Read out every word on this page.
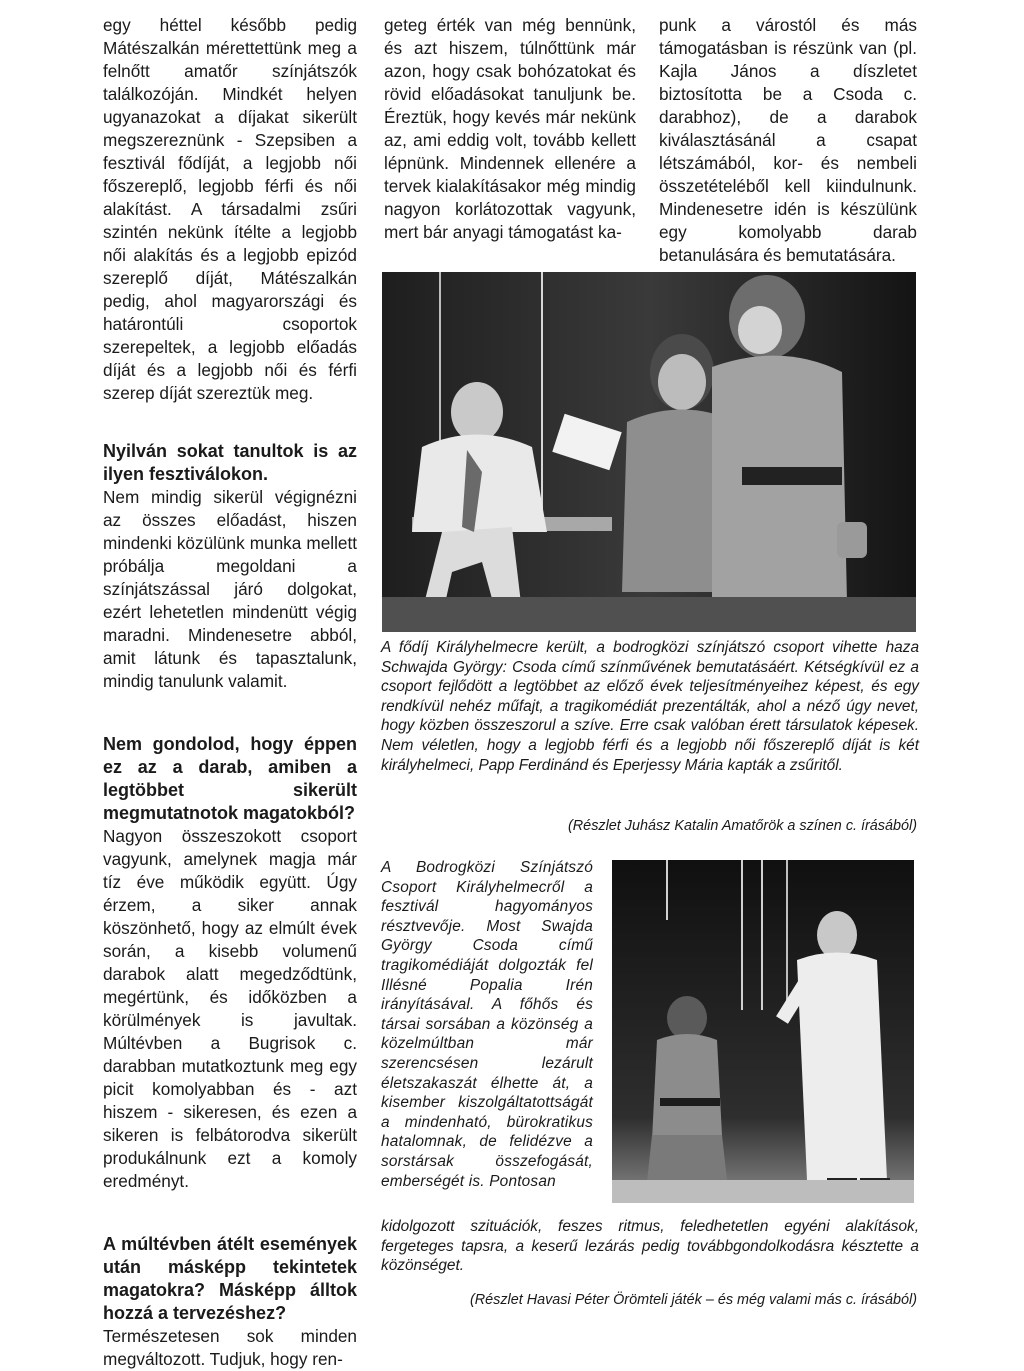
egy héttel később pedig Mátészalkán mérettettünk meg a felnőtt amatőr színjátszók találkozóján. Mindkét helyen ugyanazokat a díjakat sikerült megszereznünk - Szepsiben a fesztivál fődíját, a legjobb női főszereplő, legjobb férfi és női alakítást. A társadalmi zsűri szintén nekünk ítélte a legjobb női alakítás és a legjobb epizód szereplő díját, Mátészalkán pedig, ahol magyarországi és határontúli csoportok szerepeltek, a legjobb előadás díját és a legjobb női és férfi szerep díját szereztük meg.

Nyilván sokat tanultok is az ilyen fesztiválokon.

Nem mindig sikerül végignézni az összes előadást, hiszen mindenki közülünk munka mellett próbálja megoldani a színjátszással járó dolgokat, ezért lehetetlen mindenütt végig maradni. Mindenesetre abból, amit látunk és tapasztalunk, mindig tanulunk valamit.

Nem gondolod, hogy éppen ez az a darab, amiben a legtöbbet sikerült megmutatnotok magatokból?

Nagyon összeszokott csoport vagyunk, amelynek magja már tíz éve működik együtt. Úgy érzem, a siker annak köszönhető, hogy az elmúlt évek során, a kisebb volumenű darabok alatt megedződtünk, megértünk, és időközben a körülmények is javultak. Múltévben a Bugrisok c. darabban mutatkoztunk meg egy picit komolyabban és - azt hiszem - sikeresen, és ezen a sikeren is felbátorodva sikerült produkálnunk ezt a komoly eredményt.

A múltévben átélt események után másképp tekintetek magatokra? Másképp álltok hozzá a tervezéshez?

Természetesen sok minden megváltozott. Tudjuk, hogy ren-

geteg érték van még bennünk, és azt hiszem, túlnőttünk már azon, hogy csak bohózatokat és rövid előadásokat tanuljunk be. Éreztük, hogy kevés már nekünk az, ami eddig volt, tovább kellett lépnünk. Mindennek ellenére a tervek kialakításakor még mindig nagyon korlátozottak vagyunk, mert bár anyagi támogatást ka-

punk a várostól és más támogatásban is részünk van (pl. Kajla János a díszletet biztosította be a Csoda c. darabhoz), de a darabok kiválasztásánál a csapat létszámából, kor- és nembeli összetételéből kell kiindulnunk. Mindenesetre idén is készülünk egy komolyabb darab betanulására és bemutatására.

A fődíj Királyhelmecre került, a bodrogközi színjátszó csoport vihette haza Schwajda György: Csoda című színművének bemutatásáért. Kétségkívül ez a csoport fejlődött a legtöbbet az előző évek teljesítményeihez képest, és egy rendkívül nehéz műfajt, a tragikomédiát prezentálták, ahol a néző úgy nevet, hogy közben összeszorul a szíve. Erre csak valóban érett társulatok képesek. Nem véletlen, hogy a legjobb férfi és a legjobb női főszereplő díját is két királyhelmeci, Papp Ferdinánd és Eperjessy Mária kapták a zsűritől.
(Részlet Juhász Katalin Amatőrök a színen c. írásából)
A Bodrogközi Színjátszó Csoport Királyhelmecről a fesztivál hagyományos résztvevője. Most Swajda György Csoda című tragikomédiáját dolgozták fel Illésné Popalia Irén irányításával. A főhős és társai sorsában a közönség a közelmúltban már szerencsésen lezárult életszakaszát élhette át, a kisember kiszolgáltatottságát a mindenható, bürokratikus hatalomnak, de felidézve a sorstársak összefogását, emberségét is. Pontosan
kidolgozott szituációk, feszes ritmus, feledhetetlen egyéni alakítások, fergeteges tapsra, a keserű lezárás pedig továbbgondolkodásra késztette a közönséget.
(Részlet Havasi Péter Örömteli játék – és még valami más c. írásából)
